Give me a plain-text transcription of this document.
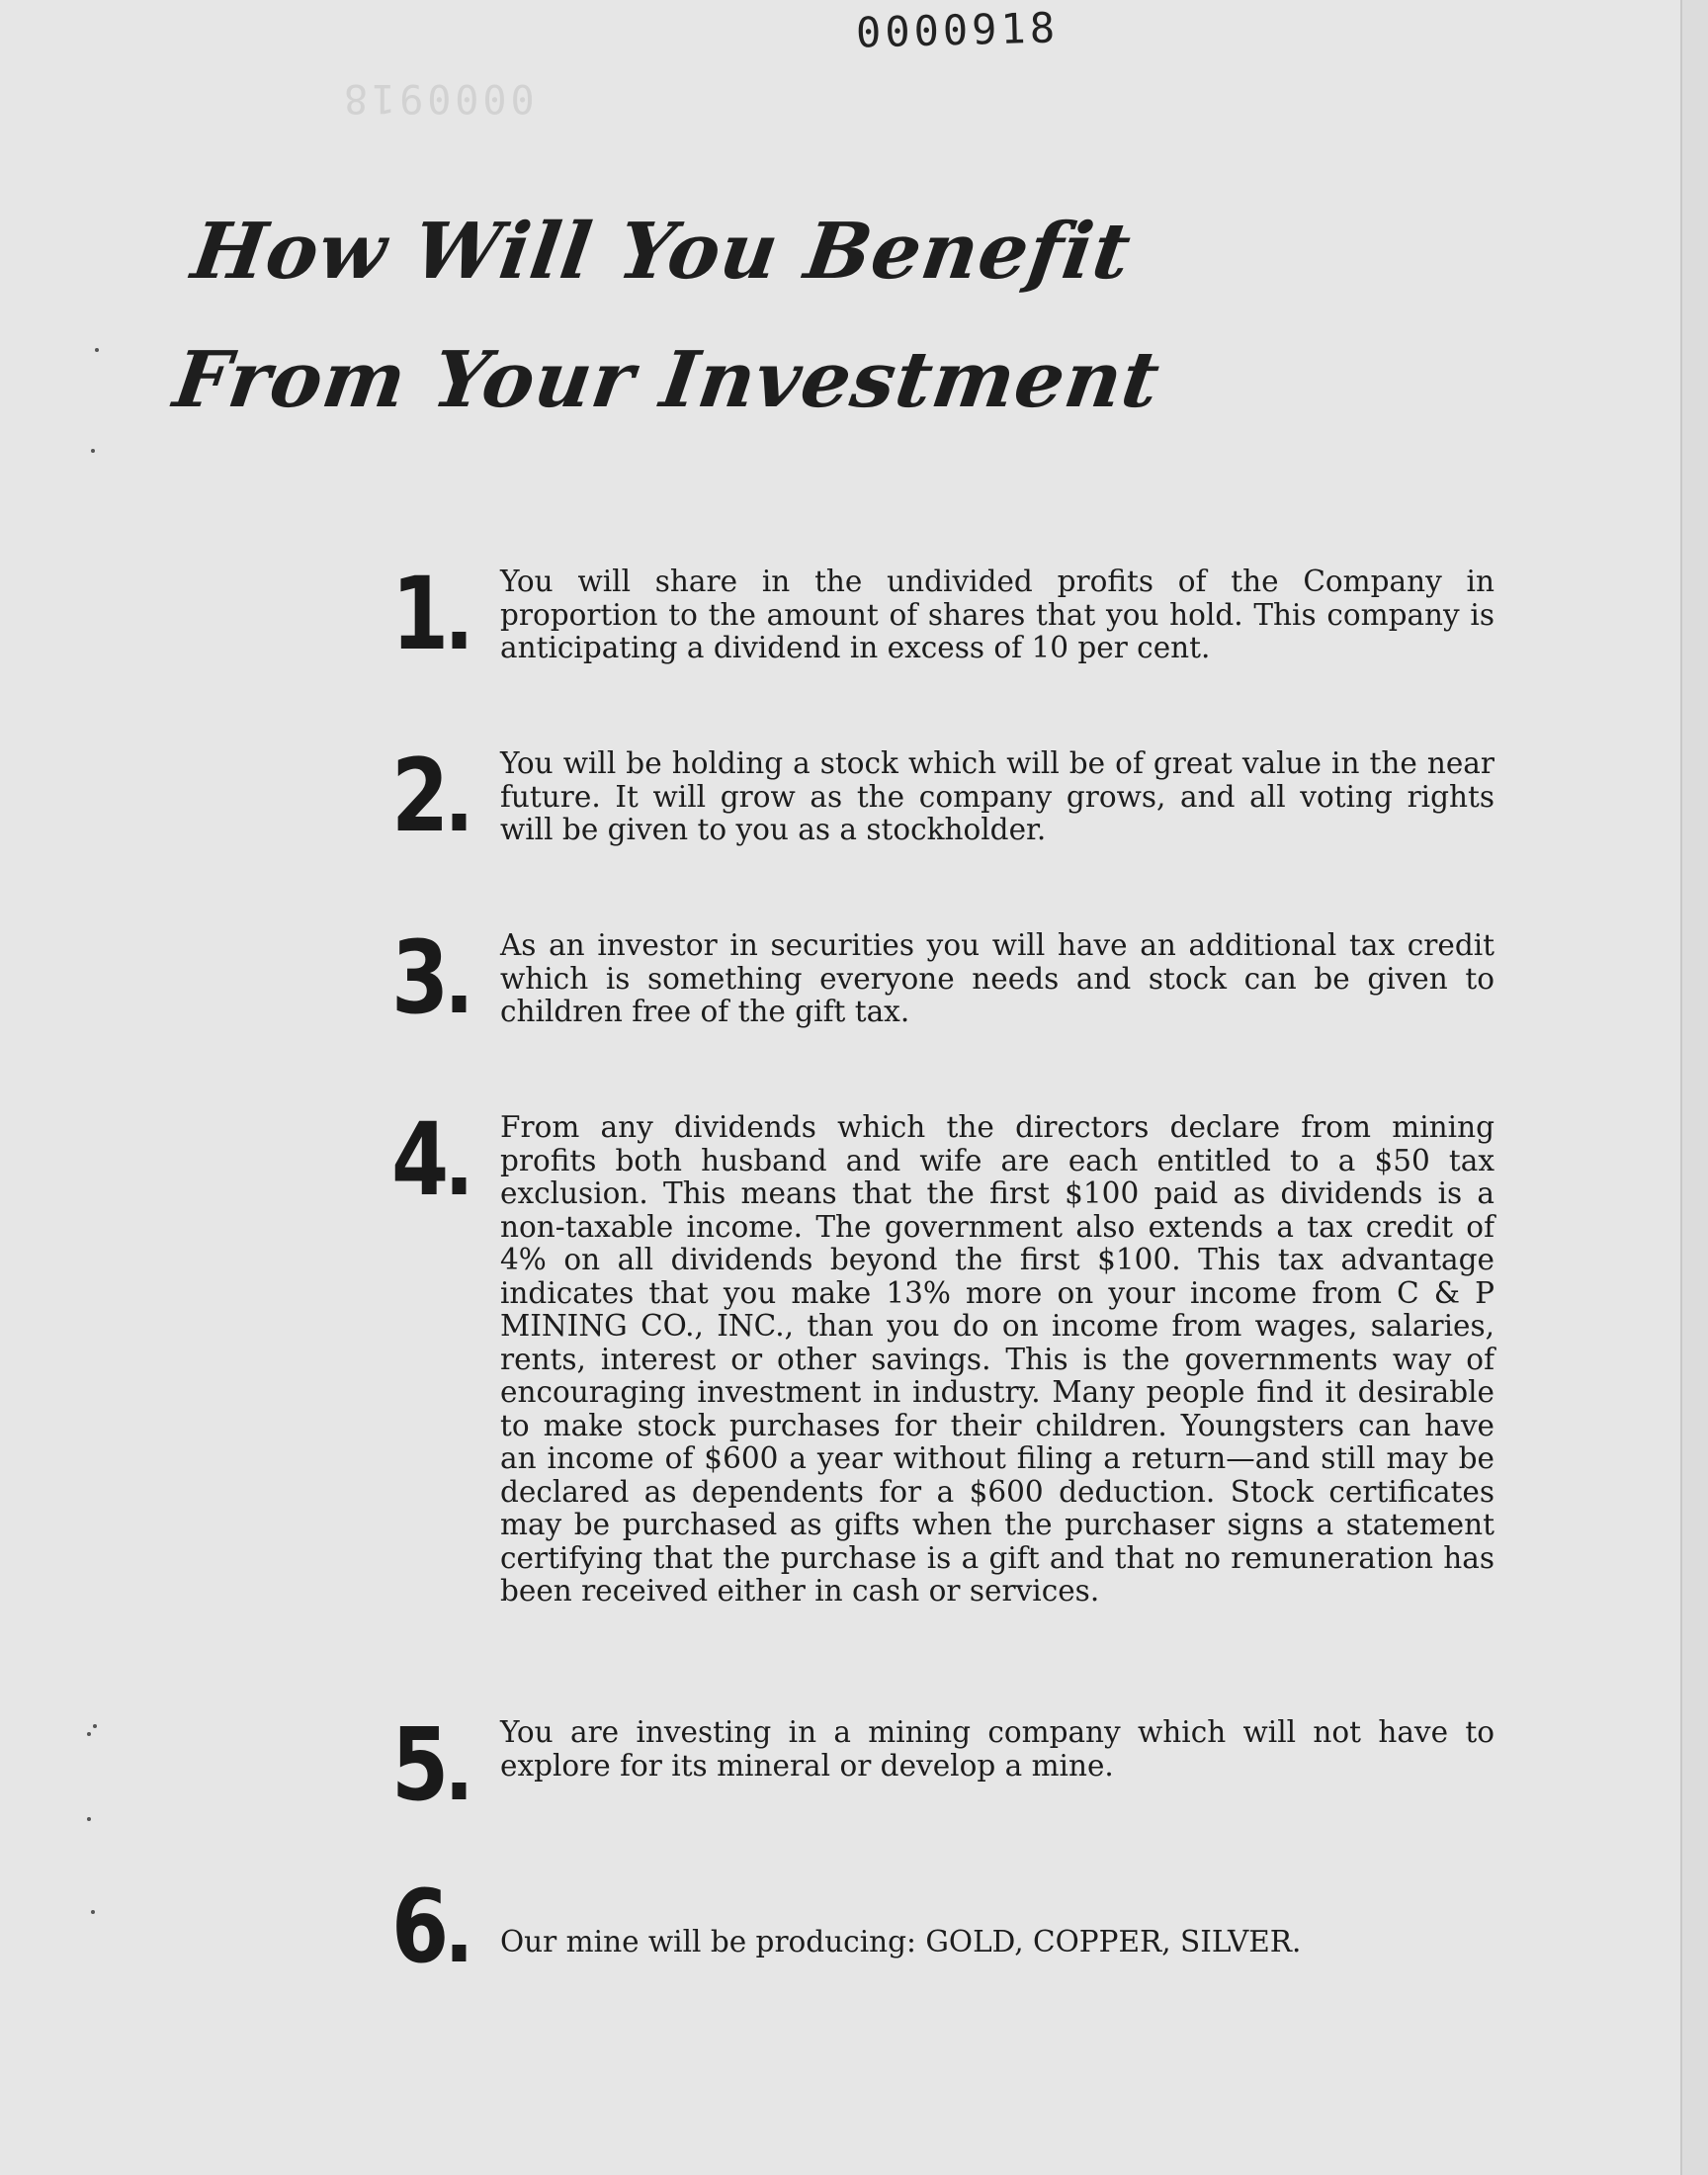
0000918
0000918
How Will You Benefit
From Your Investment
1	You will share in the undivided profits of the Company in proportion to the amount of shares that you hold. This company is anticipating a dividend in excess of 10 per cent.
2	You will be holding a stock which will be of great value in the near future. It will grow as the company grows, and all voting rights will be given to you as a stockholder.
3	As an investor in securities you will have an additional tax credit which is something everyone needs and stock can be given to children free of the gift tax.
4	From any dividends which the directors declare from mining profits both husband and wife are each entitled to a $50 tax exclusion. This means that the first $100 paid as dividends is a non-taxable income. The government also extends a tax credit of 4% on all dividends beyond the first $100. This tax advantage indicates that you make 13% more on your income from C & P MINING CO., INC., than you do on income from wages, salaries, rents, interest or other savings. This is the governments way of encouraging investment in industry. Many people find it desirable to make stock purchases for their children. Youngsters can have an income of $600 a year without filing a return—and still may be declared as dependents for a $600 deduction. Stock certificates may be purchased as gifts when the purchaser signs a statement certifying that the purchase is a gift and that no remuneration has been received either in cash or services.
5	You are investing in a mining company which will not have to explore for its mineral or develop a mine.
6	Our mine will be producing: GOLD, COPPER, SILVER.
